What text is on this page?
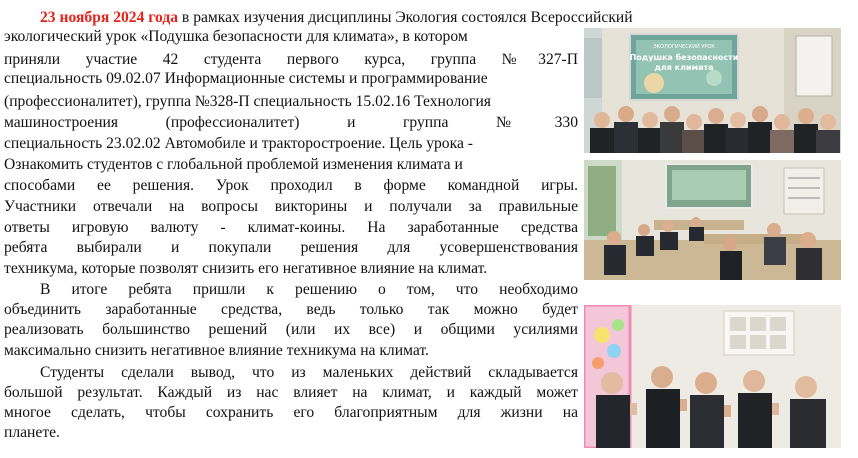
23 ноября 2024 года в рамках изучения дисциплины Экология состоялся Всероссийский

экологический урок «Подушка безопасности для климата», в котором

приняли участие 42 студента первого курса, группа №327-П

специальность 09.02.07 Информационные системы и программирование

(профессионалитет), группа №328-П специальность 15.02.16 Технология

машиностроения (профессионалитет) и группа №330

специальность 23.02.02 Автомобиле и тракторостроение. Цель урока -

Ознакомить студентов с глобальной проблемой изменения климата и

способами ее решения. Урок проходил в форме командной игры.

Участники отвечали на вопросы викторины и получали за правильные

ответы игровую валюту - климат-коины. На заработанные средства

ребята выбирали и покупали решения для усовершенствования

техникума, которые позволят снизить его негативное влияние на климат.

В итоге ребята пришли к решению о том, что необходимо

объединить заработанные средства, ведь только так можно будет

реализовать большинство решений (или их все) и общими усилиями

максимально снизить негативное влияние техникума на климат.

Студенты сделали вывод, что из маленьких действий складывается

большой результат. Каждый из нас влияет на климат, и каждый может

многое сделать, чтобы сохранить его благоприятным для жизни на

планете.

ЭКОЛОГИЧЕСКИЙ УРОК
Подушка безопасности
для климата
